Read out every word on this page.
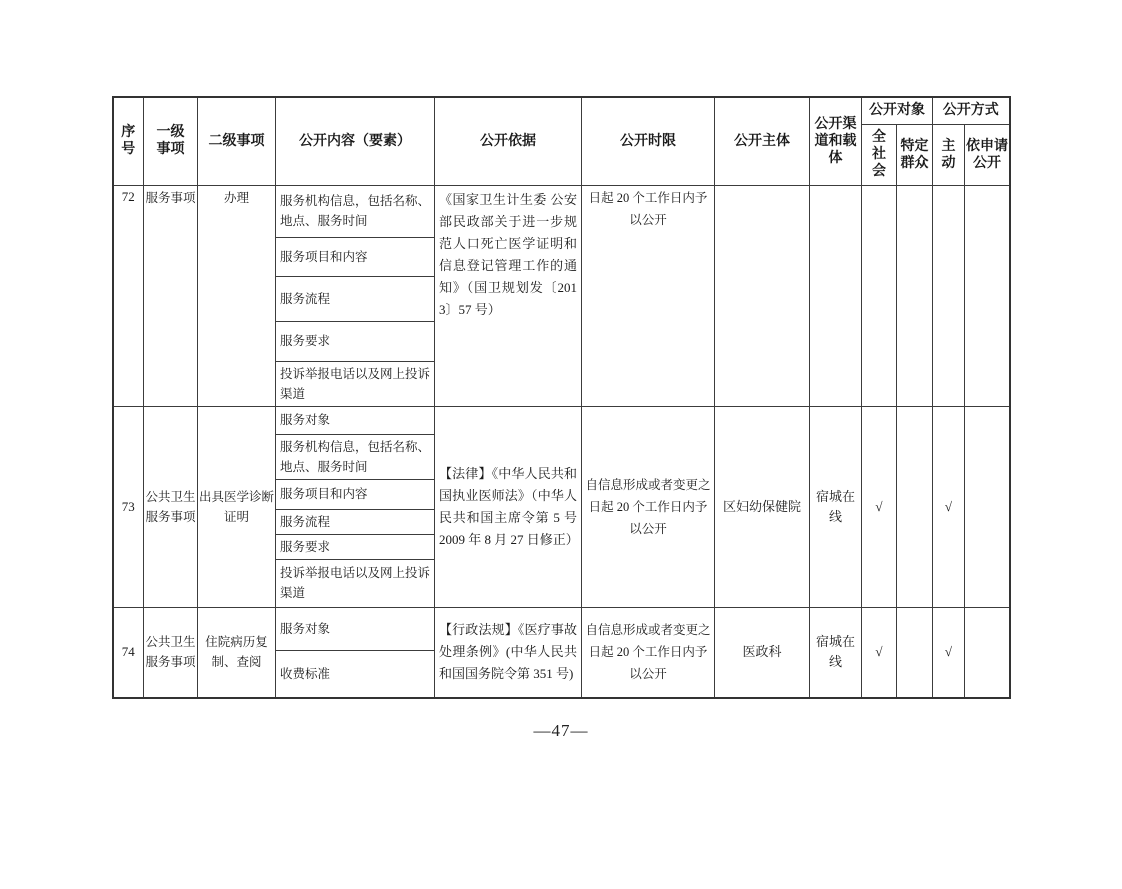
序号	一级事项	二级事项	公开内容（要素）	公开依据	公开时限	公开主体	公开渠道和载体	公开对象		公开方式	
								全社会	特定群众	主动	依申请公开
72	服务事项	办理	服务机构信息，包括名称、地点、服务时间	《国家卫生计生委 公安部民政部关于进一步规范人口死亡医学证明和信息登记管理工作的通知》（国卫规划发〔2013〕57 号）	日起 20 个工作日内予以公开						
			服务项目和内容								
			服务流程								
			服务要求								
			投诉举报电话以及网上投诉渠道								
73	公共卫生服务事项	出具医学诊断证明	服务对象	【法律】《中华人民共和国执业医师法》（中华人民共和国主席令第 5 号 2009 年 8 月 27 日修正）	自信息形成或者变更之日起 20 个工作日内予以公开	区妇幼保健院	宿城在线	√		√	
			服务机构信息，包括名称、地点、服务时间								
			服务项目和内容								
			服务流程								
			服务要求								
			投诉举报电话以及网上投诉渠道								
74	公共卫生服务事项	住院病历复制、查阅	服务对象	【行政法规】《医疗事故处理条例》(中华人民共和国国务院令第 351 号)	自信息形成或者变更之日起 20 个工作日内予以公开	医政科	宿城在线	√		√	
			收费标准								
—47—
